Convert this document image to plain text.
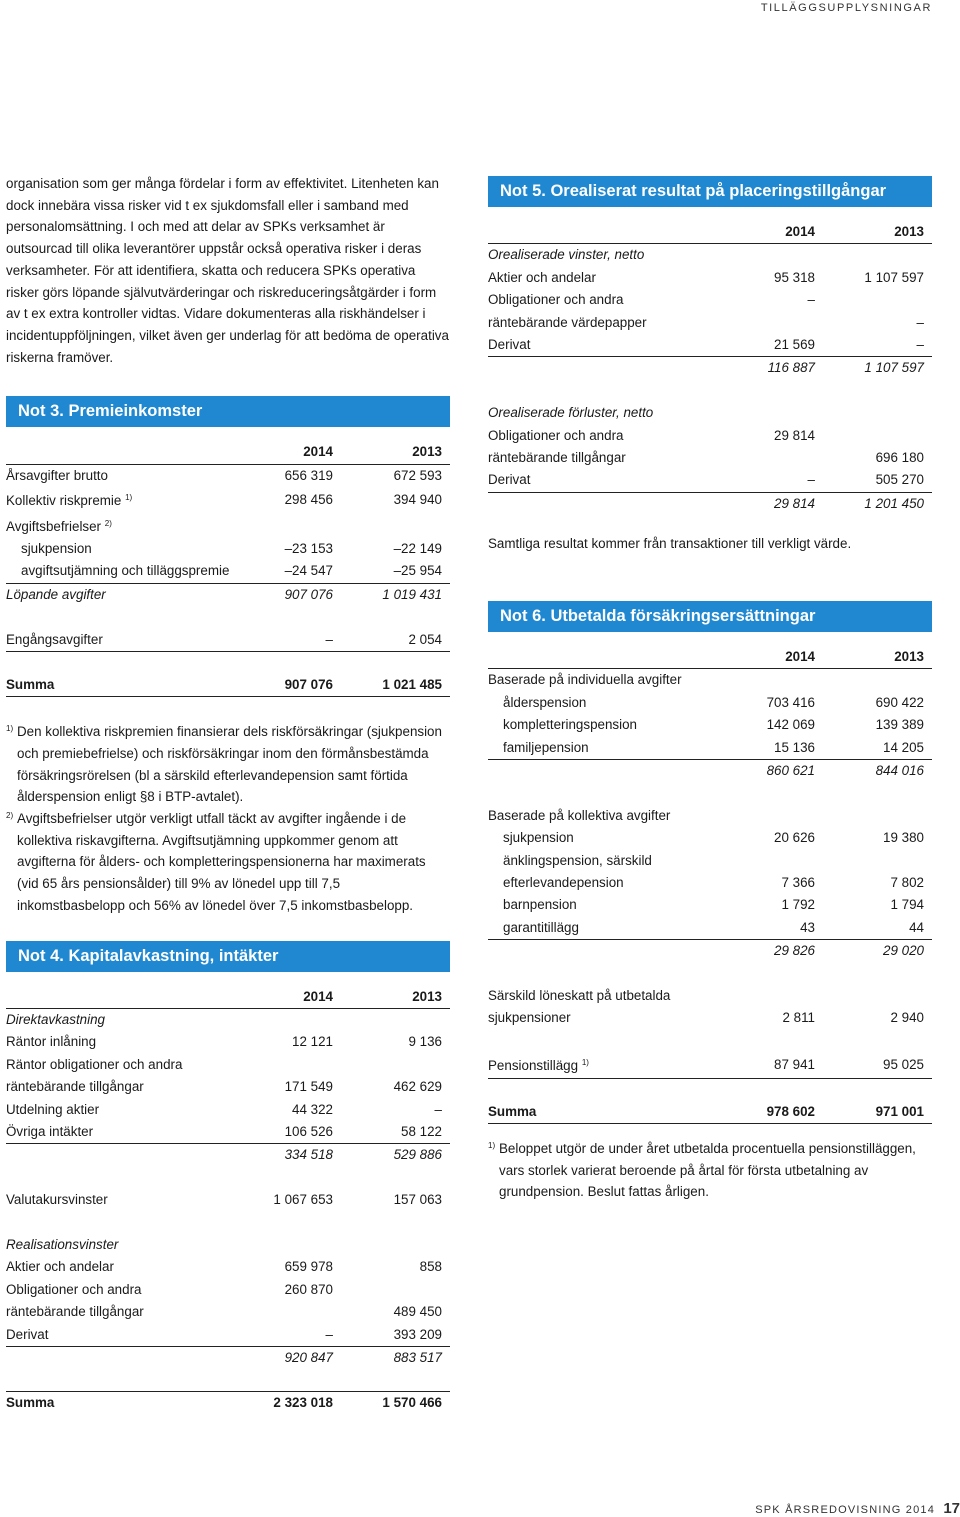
TILLÄGGSUPPLYSNINGAR

organisation som ger många fördelar i form av effektivitet. Litenheten kan dock innebära vissa risker vid t ex sjukdomsfall eller i samband med personalomsättning. I och med att delar av SPKs verksamhet är outsourcad till olika leverantörer uppstår också operativa risker i deras verksamheter. För att identifiera, skatta och reducera SPKs operativa risker görs löpande självutvärderingar och riskreduceringsåtgärder i form av t ex extra kontroller vidtas. Vidare dokumenteras alla riskhändelser i incidentuppföljningen, vilket även ger underlag för att bedöma de operativa riskerna framöver.

Not 3. Premieinkomster
	2014	2013
Årsavgifter brutto	656 319	672 593
Kollektiv riskpremie $^{1)}$	298 456	394 940
Avgiftsbefrielser $^{2)}$		
sjukpension	–23 153	–22 149
avgiftsutjämning och tilläggspremie	–24 547	–25 954
Löpande avgifter	907 076	1 019 431

Engångsavgifter	–	2 054

Summa	907 076	1 021 485
1) Den kollektiva riskpremien finansierar dels riskförsäkringar (sjukpension och premiebefrielse) och riskförsäkringar inom den förmånsbestämda försäkringsrörelsen (bl a särskild efterlevandepension samt förtida ålderspension enligt §8 i BTP-avtalet).
2) Avgiftsbefrielser utgör verkligt utfall täckt av avgifter ingående i de kollektiva riskavgifterna. Avgiftsutjämning uppkommer genom att avgifterna för ålders- och kompletteringspensionerna har maximerats (vid 65 års pensionsålder) till 9% av lönedel upp till 7,5 inkomstbasbelopp och 56% av lönedel över 7,5 inkomstbasbelopp.
Not 4. Kapitalavkastning, intäkter
	2014	2013
Direktavkastning		
Räntor inlåning	12 121	9 136
Räntor obligationer och andra		
räntebärande tillgångar	171 549	462 629
Utdelning aktier	44 322	–
Övriga intäkter	106 526	58 122
	334 518	529 886

Valutakursvinster	1 067 653	157 063

Realisationsvinster		
Aktier och andelar	659 978	858
Obligationer och andra	260 870	
räntebärande tillgångar		489 450
Derivat	–	393 209
	920 847	883 517

Summa	2 323 018	1 570 466
Not 5. Orealiserat resultat på placeringstillgångar
	2014	2013
Orealiserade vinster, netto		
Aktier och andelar	95 318	1 107 597
Obligationer och andra	–	
räntebärande värdepapper		–
Derivat	21 569	–
	116 887	1 107 597

Orealiserade förluster, netto		
Obligationer och andra	29 814	
räntebärande tillgångar		696 180
Derivat	–	505 270
	29 814	1 201 450
Samtliga resultat kommer från transaktioner till verkligt värde.
Not 6. Utbetalda försäkringsersättningar
	2014	2013
Baserade på individuella avgifter		
ålderspension	703 416	690 422
kompletteringspension	142 069	139 389
familjepension	15 136	14 205
	860 621	844 016

Baserade på kollektiva avgifter		
sjukpension	20 626	19 380
änklingspension, särskild		
efterlevandepension	7 366	7 802
barnpension	1 792	1 794
garantitillägg	43	44
	29 826	29 020

Särskild löneskatt på utbetalda		
sjukpensioner	2 811	2 940

Pensionstillägg $^{1)}$	87 941	95 025

Summa	978 602	971 001
1) Beloppet utgör de under året utbetalda procentuella pensionstilläggen, vars storlek varierat beroende på årtal för första utbetalning av grundpension. Beslut fattas årligen.
SPK ÅRSREDOVISNING 2014 17
